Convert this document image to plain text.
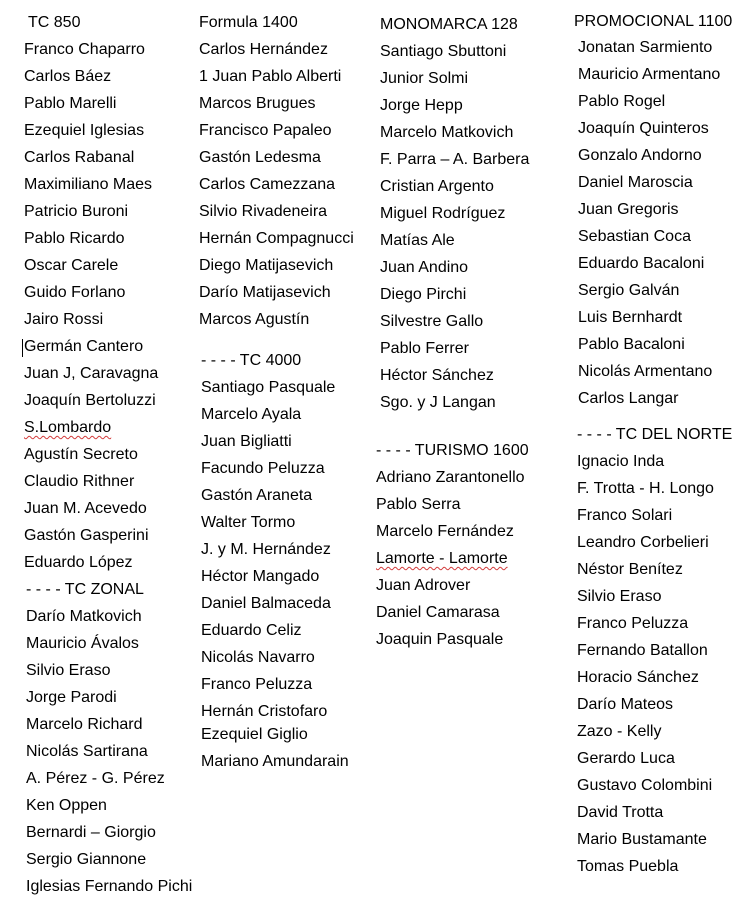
TC 850
Franco Chaparro
Carlos Báez
Pablo Marelli
Ezequiel Iglesias
Carlos Rabanal
Maximiliano Maes
Patricio Buroni
Pablo Ricardo
Oscar Carele
Guido Forlano
Jairo Rossi
Germán Cantero
Juan J, Caravagna
Joaquín Bertoluzzi
S.Lombardo
Agustín Secreto
Claudio Rithner
Juan M. Acevedo
Gastón Gasperini
Eduardo López
- - - - TC ZONAL
Darío Matkovich
Mauricio Ávalos
Silvio Eraso
Jorge Parodi
Marcelo Richard
Nicolás Sartirana
A. Pérez - G. Pérez
Ken Oppen
Bernardi – Giorgio
Sergio Giannone
Iglesias Fernando Pichi
Formula 1400
Carlos Hernández
1 Juan Pablo Alberti
Marcos Brugues
Francisco Papaleo
Gastón Ledesma
Carlos Camezzana
Silvio Rivadeneira
Hernán Compagnucci
Diego Matijasevich
Darío Matijasevich
Marcos Agustín
- - - - TC 4000
Santiago Pasquale
Marcelo Ayala
Juan Bigliatti
Facundo Peluzza
Gastón Araneta
Walter Tormo
J. y M. Hernández
Héctor Mangado
Daniel Balmaceda
Eduardo Celiz
Nicolás Navarro
Franco Peluzza
Hernán Cristofaro
Ezequiel Giglio
Mariano Amundarain
MONOMARCA 128
Santiago Sbuttoni
Junior Solmi
Jorge Hepp
Marcelo Matkovich
F. Parra – A. Barbera
Cristian Argento
Miguel Rodríguez
Matías Ale
Juan Andino
Diego Pirchi
Silvestre Gallo
Pablo Ferrer
Héctor Sánchez
Sgo. y J Langan
- - - - TURISMO 1600
Adriano Zarantonello
Pablo Serra
Marcelo Fernández
Lamorte - Lamorte
Juan Adrover
Daniel Camarasa
Joaquin Pasquale
PROMOCIONAL 1100
Jonatan Sarmiento
Mauricio Armentano
Pablo Rogel
Joaquín Quinteros
Gonzalo Andorno
Daniel Maroscia
Juan Gregoris
Sebastian Coca
Eduardo Bacaloni
Sergio Galván
Luis Bernhardt
Pablo Bacaloni
Nicolás Armentano
Carlos Langar
- - - - TC DEL NORTE
Ignacio Inda
F. Trotta - H. Longo
Franco Solari
Leandro Corbelieri
Néstor Benítez
Silvio Eraso
Franco Peluzza
Fernando Batallon
Horacio Sánchez
Darío Mateos
Zazo - Kelly
Gerardo Luca
Gustavo Colombini
David Trotta
Mario Bustamante
Tomas Puebla
